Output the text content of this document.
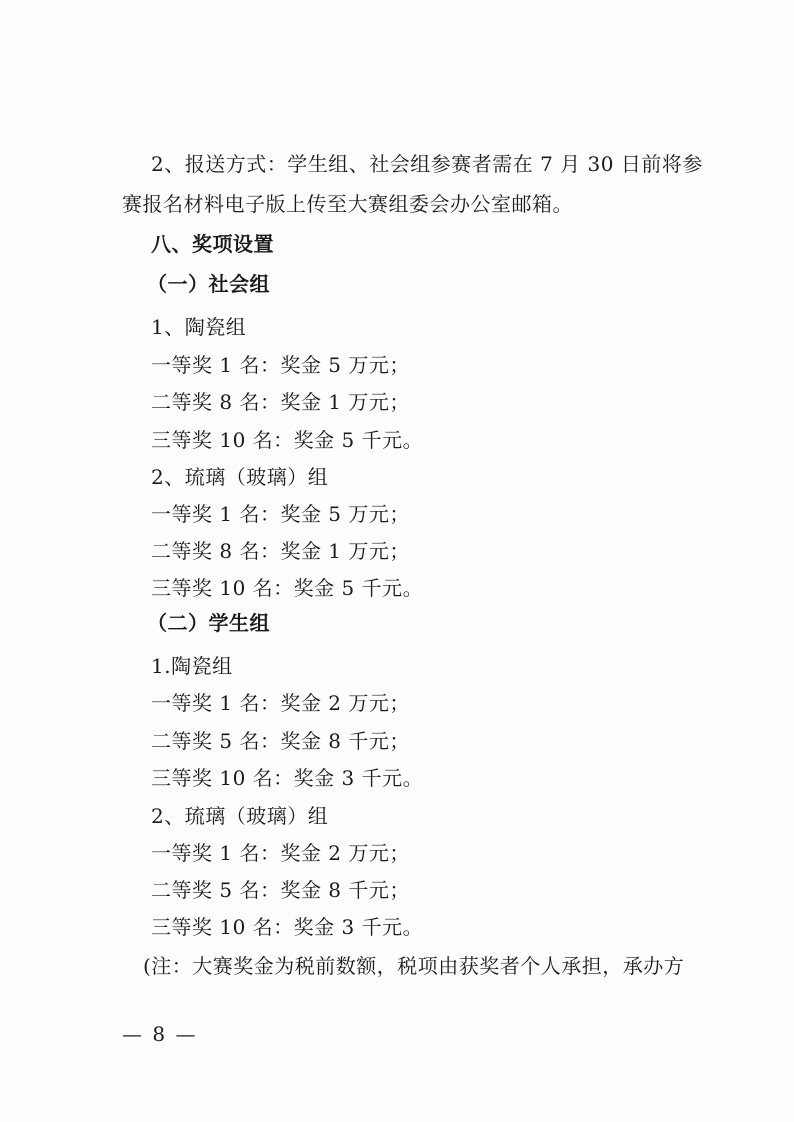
2、报送方式：学生组、社会组参赛者需在 7 月 30 日前将参
赛报名材料电子版上传至大赛组委会办公室邮箱。
八、奖项设置
（一）社会组
1、陶瓷组
一等奖 1 名：奖金 5 万元；
二等奖 8 名：奖金 1 万元；
三等奖 10 名：奖金 5 千元。
2、琉璃（玻璃）组
一等奖 1 名：奖金 5 万元；
二等奖 8 名：奖金 1 万元；
三等奖 10 名：奖金 5 千元。
（二）学生组
1.陶瓷组
一等奖 1 名：奖金 2 万元；
二等奖 5 名：奖金 8 千元；
三等奖 10 名：奖金 3 千元。
2、琉璃（玻璃）组
一等奖 1 名：奖金 2 万元；
二等奖 5 名：奖金 8 千元；
三等奖 10 名：奖金 3 千元。
(注：大赛奖金为税前数额，税项由获奖者个人承担，承办方
— 8 —
